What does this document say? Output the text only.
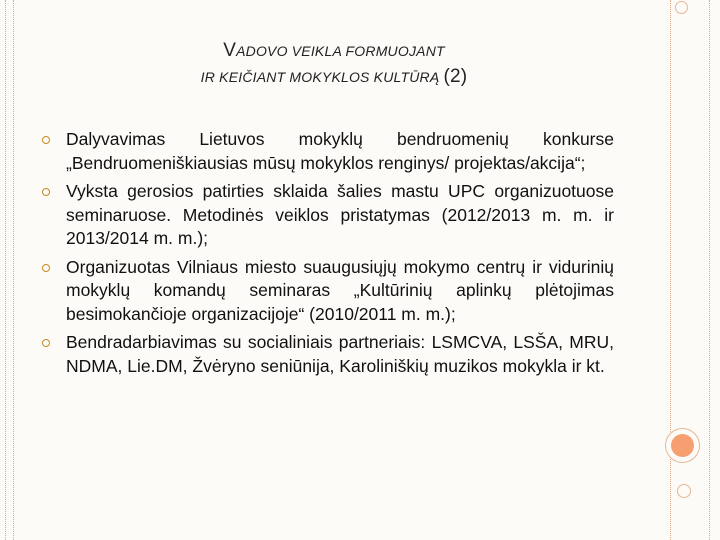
VADOVO VEIKLA FORMUOJANT
IR KEIČIANT MOKYKLOS KULTŪRĄ (2)
Dalyvavimas Lietuvos mokyklų bendruomenių konkurse „Bendruomeniškiausias mūsų mokyklos renginys/ projektas/akcija“;
Vyksta gerosios patirties sklaida šalies mastu UPC organizuotuose seminaruose. Metodinės veiklos pristatymas (2012/2013 m. m. ir 2013/2014 m. m.);
Organizuotas Vilniaus miesto suaugusiųjų mokymo centrų ir vidurinių mokyklų komandų seminaras „Kultūrinių aplinkų plėtojimas besimokančioje organizacijoje“ (2010/2011 m. m.);
Bendradarbiavimas su socialiniais partneriais: LSMCVA, LSŠA, MRU, NDMA, Lie.DM, Žvėryno seniūnija, Karoliniškių muzikos mokykla ir kt.
